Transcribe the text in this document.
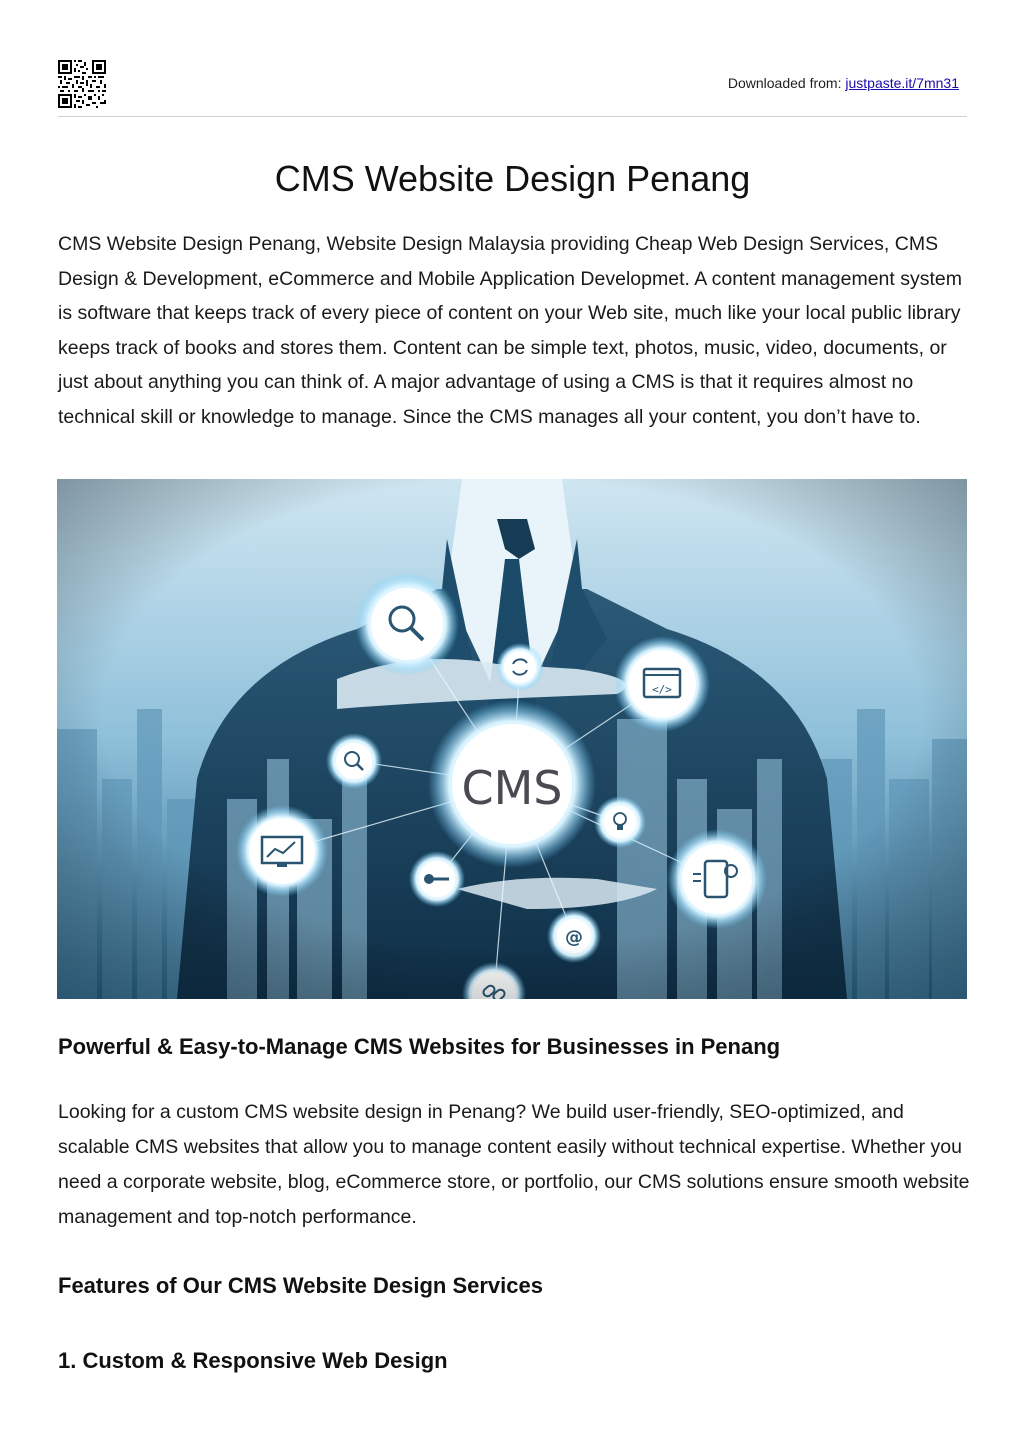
Downloaded from: justpaste.it/7mn31
CMS Website Design Penang

CMS Website Design Penang, Website Design Malaysia providing Cheap Web Design Services, CMS Design & Development, eCommerce and Mobile Application Developmet. A content management system is software that keeps track of every piece of content on your Web site, much like your local public library keeps track of books and stores them. Content can be simple text, photos, music, video, documents, or just about anything you can think of. A major advantage of using a CMS is that it requires almost no technical skill or knowledge to manage. Since the CMS manages all your content, you don’t have to.

Powerful & Easy-to-Manage CMS Websites for Businesses in Penang

Looking for a custom CMS website design in Penang? We build user-friendly, SEO-optimized, and scalable CMS websites that allow you to manage content easily without technical expertise. Whether you need a corporate website, blog, eCommerce store, or portfolio, our CMS solutions ensure smooth website management and top-notch performance.

Features of Our CMS Website Design Services
1. Custom & Responsive Web Design
